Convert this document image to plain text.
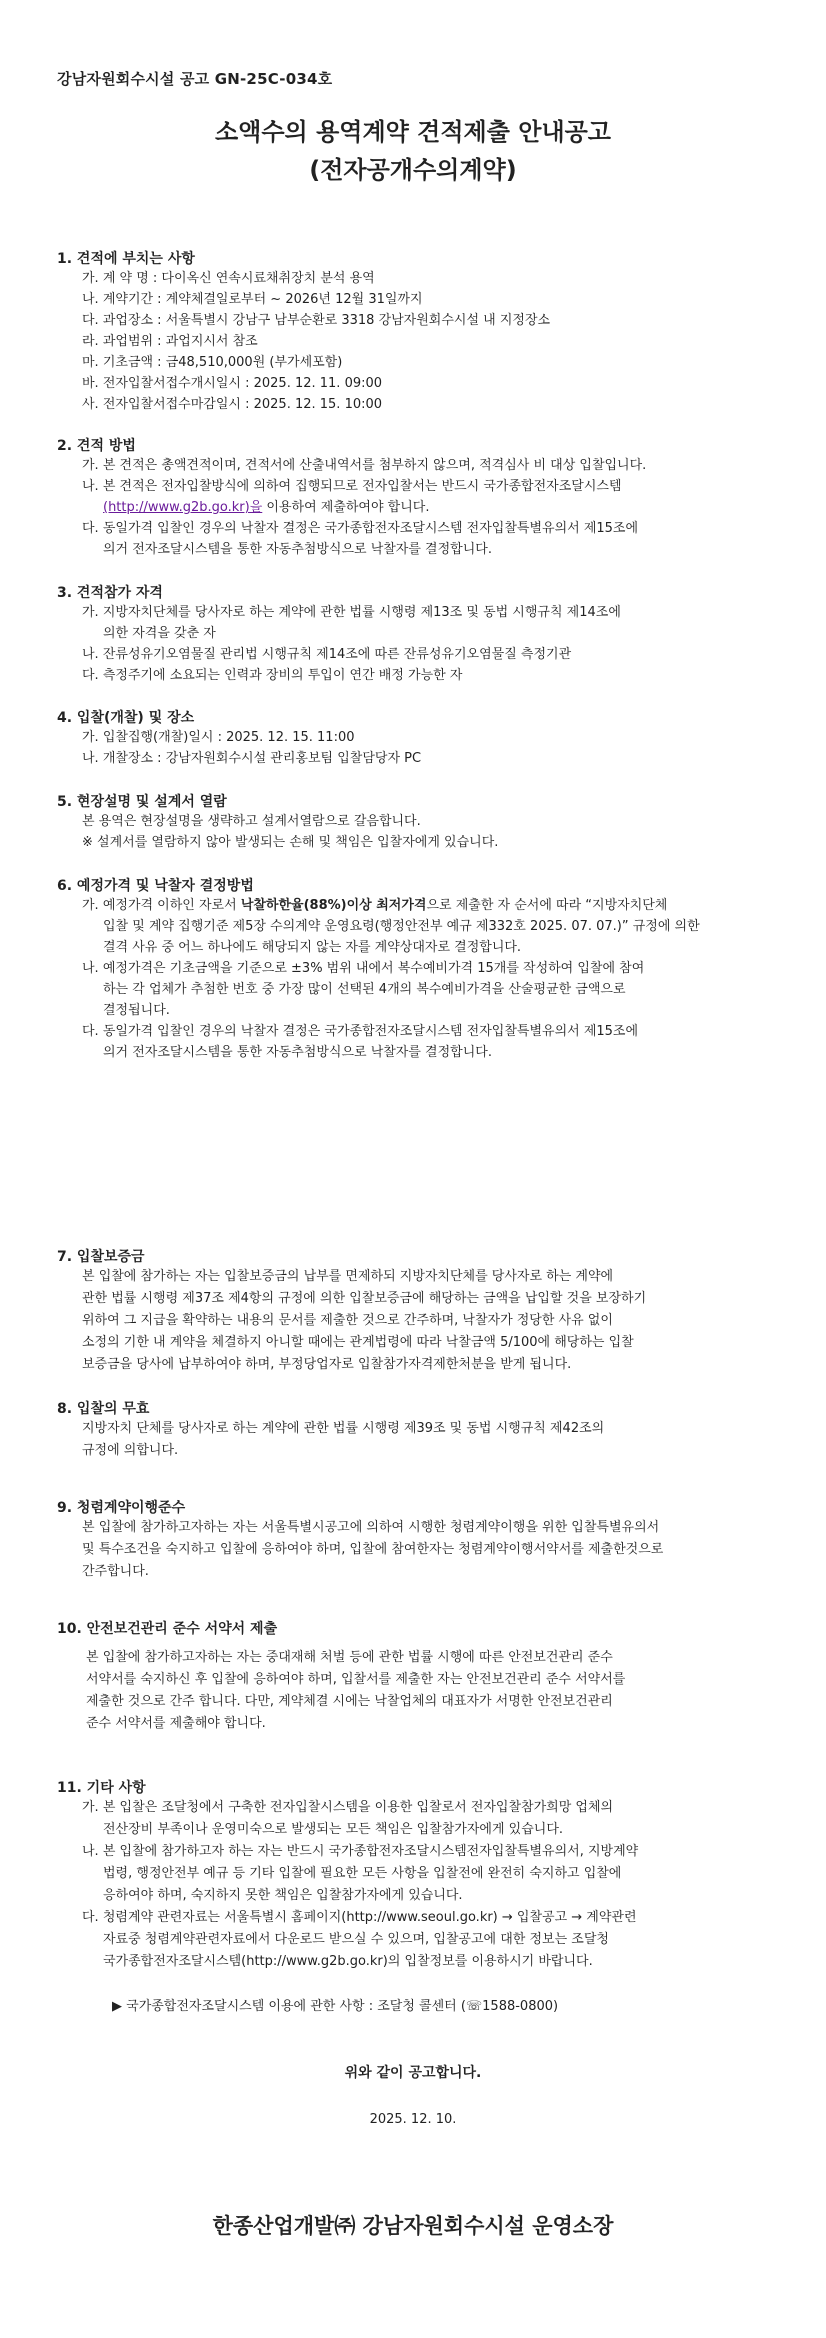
강남자원회수시설 공고 GN-25C-034호
소액수의 용역계약 견적제출 안내공고
(전자공개수의계약)
1. 견적에 부치는 사항
가. 계 약 명 : 다이옥신 연속시료채취장치 분석 용역
나. 계약기간 : 계약체결일로부터 ~ 2026년 12월 31일까지
다. 과업장소 : 서울특별시 강남구 남부순환로 3318 강남자원회수시설 내 지정장소
라. 과업범위 : 과업지시서 참조
마. 기초금액 : 금48,510,000원 (부가세포함)
바. 전자입찰서접수개시일시 : 2025. 12. 11. 09:00
사. 전자입찰서접수마감일시 : 2025. 12. 15. 10:00
2. 견적 방법
가. 본 견적은 총액견적이며, 견적서에 산출내역서를 첨부하지 않으며, 적격심사 비 대상 입찰입니다.
나. 본 견적은 전자입찰방식에 의하여 집행되므로 전자입찰서는 반드시 국가종합전자조달시스템
(http://www.g2b.go.kr)을 이용하여 제출하여야 합니다.
다. 동일가격 입찰인 경우의 낙찰자 결정은 국가종합전자조달시스템 전자입찰특별유의서 제15조에
의거 전자조달시스템을 통한 자동추첨방식으로 낙찰자를 결정합니다.
3. 견적참가 자격
가. 지방자치단체를 당사자로 하는 계약에 관한 법률 시행령 제13조 및 동법 시행규칙 제14조에
의한 자격을 갖춘 자
나. 잔류성유기오염물질 관리법 시행규칙 제14조에 따른 잔류성유기오염물질 측정기관
다. 측정주기에 소요되는 인력과 장비의 투입이 연간 배정 가능한 자
4. 입찰(개찰) 및 장소
가. 입찰집행(개찰)일시 : 2025. 12. 15. 11:00
나. 개찰장소 : 강남자원회수시설 관리홍보팀 입찰담당자 PC
5. 현장설명 및 설계서 열람
본 용역은 현장설명을 생략하고 설계서열람으로 갈음합니다.
※ 설계서를 열람하지 않아 발생되는 손해 및 책임은 입찰자에게 있습니다.
6. 예정가격 및 낙찰자 결정방법
가. 예정가격 이하인 자로서 낙찰하한율(88%)이상 최저가격으로 제출한 자 순서에 따라 “지방자치단체
입찰 및 계약 집행기준 제5장 수의계약 운영요령(행정안전부 예규 제332호 2025. 07. 07.)” 규정에 의한
결격 사유 중 어느 하나에도 해당되지 않는 자를 계약상대자로 결정합니다.
나. 예정가격은 기초금액을 기준으로 ±3% 범위 내에서 복수예비가격 15개를 작성하여 입찰에 참여
하는 각 업체가 추첨한 번호 중 가장 많이 선택된 4개의 복수예비가격을 산술평균한 금액으로
결정됩니다.
다. 동일가격 입찰인 경우의 낙찰자 결정은 국가종합전자조달시스템 전자입찰특별유의서 제15조에
의거 전자조달시스템을 통한 자동추첨방식으로 낙찰자를 결정합니다.
7. 입찰보증금
본 입찰에 참가하는 자는 입찰보증금의 납부를 면제하되 지방자치단체를 당사자로 하는 계약에
관한 법률 시행령 제37조 제4항의 규정에 의한 입찰보증금에 해당하는 금액을 납입할 것을 보장하기
위하여 그 지급을 확약하는 내용의 문서를 제출한 것으로 간주하며, 낙찰자가 정당한 사유 없이
소정의 기한 내 계약을 체결하지 아니할 때에는 관계법령에 따라 낙찰금액 5/100에 해당하는 입찰
보증금을 당사에 납부하여야 하며, 부정당업자로 입찰참가자격제한처분을 받게 됩니다.
8. 입찰의 무효
지방자치 단체를 당사자로 하는 계약에 관한 법률 시행령 제39조 및 동법 시행규칙 제42조의
규정에 의합니다.
9. 청렴계약이행준수
본 입찰에 참가하고자하는 자는 서울특별시공고에 의하여 시행한 청렴계약이행을 위한 입찰특별유의서
및 특수조건을 숙지하고 입찰에 응하여야 하며, 입찰에 참여한자는 청렴계약이행서약서를 제출한것으로
간주합니다.
10. 안전보건관리 준수 서약서 제출
본 입찰에 참가하고자하는 자는 중대재해 처벌 등에 관한 법률 시행에 따른 안전보건관리 준수
서약서를 숙지하신 후 입찰에 응하여야 하며, 입찰서를 제출한 자는 안전보건관리 준수 서약서를
제출한 것으로 간주 합니다. 다만, 계약체결 시에는 낙찰업체의 대표자가 서명한 안전보건관리
준수 서약서를 제출해야 합니다.
11. 기타 사항
가. 본 입찰은 조달청에서 구축한 전자입찰시스템을 이용한 입찰로서 전자입찰참가희망 업체의
전산장비 부족이나 운영미숙으로 발생되는 모든 책임은 입찰참가자에게 있습니다.
나. 본 입찰에 참가하고자 하는 자는 반드시 국가종합전자조달시스템전자입찰특별유의서, 지방계약
법령, 행정안전부 예규 등 기타 입찰에 필요한 모든 사항을 입찰전에 완전히 숙지하고 입찰에
응하여야 하며, 숙지하지 못한 책임은 입찰참가자에게 있습니다.
다. 청렴계약 관련자료는 서울특별시 홈페이지(http://www.seoul.go.kr) → 입찰공고 → 계약관련
자료중 청렴계약관련자료에서 다운로드 받으실 수 있으며, 입찰공고에 대한 정보는 조달청
국가종합전자조달시스템(http://www.g2b.go.kr)의 입찰정보를 이용하시기 바랍니다.
▶ 국가종합전자조달시스템 이용에 관한 사항 : 조달청 콜센터 (☏1588-0800)
위와 같이 공고합니다.
2025. 12. 10.
한종산업개발㈜ 강남자원회수시설 운영소장
